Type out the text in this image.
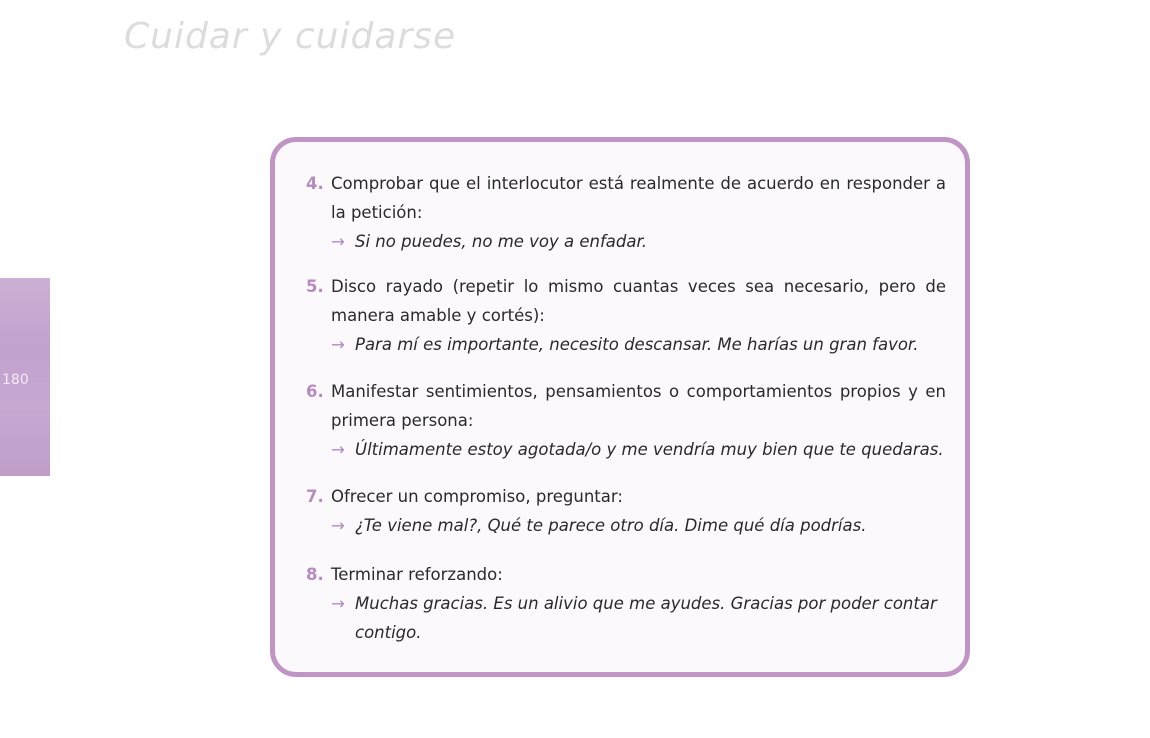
Cuidar y cuidarse
180
4. Comprobar que el interlocutor está realmente de acuerdo en responder a la petición:
→ Si no puedes, no me voy a enfadar.
5. Disco rayado (repetir lo mismo cuantas veces sea necesario, pero de manera amable y cortés):
→ Para mí es importante, necesito descansar. Me harías un gran favor.
6. Manifestar sentimientos, pensamientos o comportamientos propios y en primera persona:
→ Últimamente estoy agotada/o y me vendría muy bien que te quedaras.
7. Ofrecer un compromiso, preguntar:
→ ¿Te viene mal?, Qué te parece otro día. Dime qué día podrías.
8. Terminar reforzando:
→ Muchas gracias. Es un alivio que me ayudes. Gracias por poder contar contigo.
